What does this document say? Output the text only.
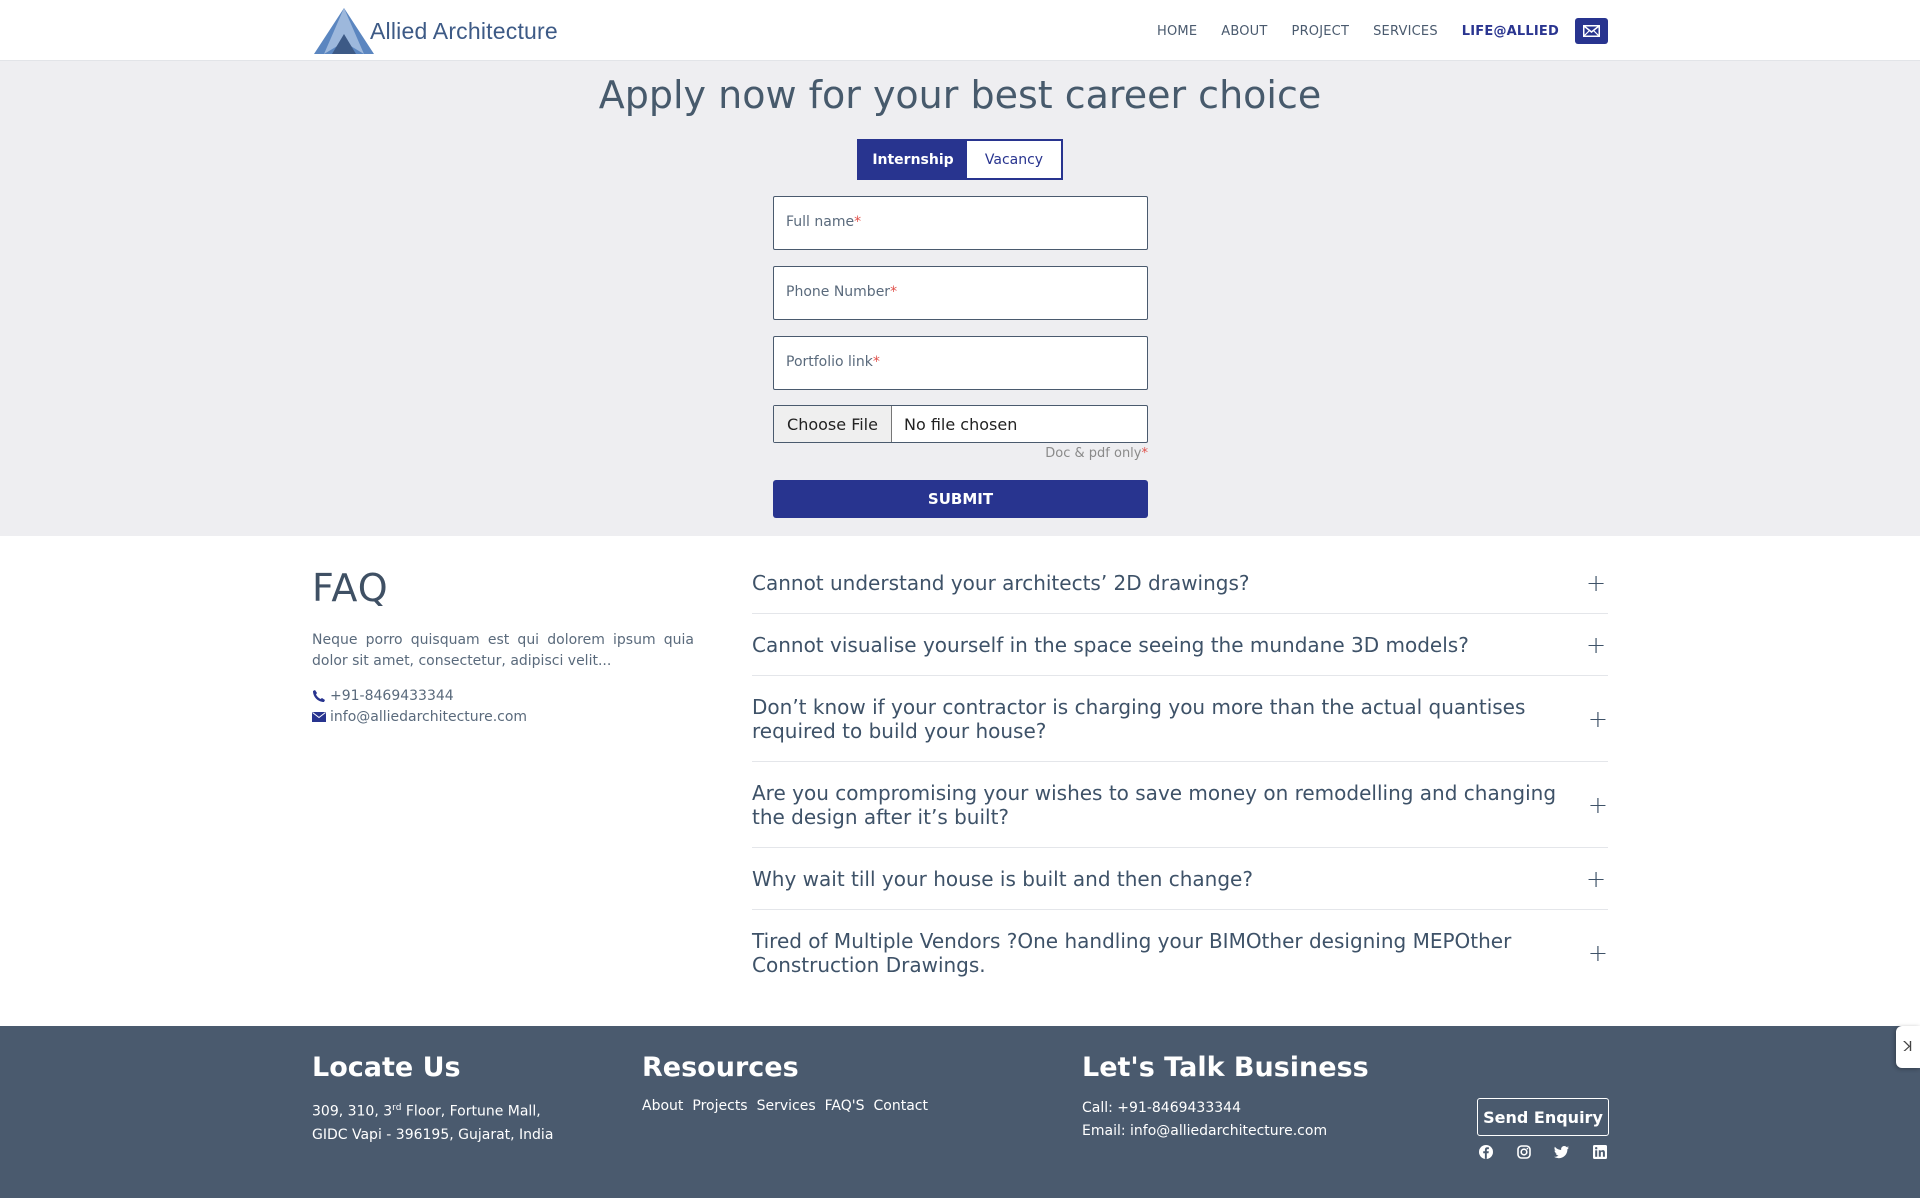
Allied Architecture	HOME ABOUT PROJECT SERVICES LIFE@ALLIED
Apply now for your best career choice
Internship	Vacancy
Full name*
Phone Number*
Portfolio link*
Choose File	No file chosen
Doc & pdf only*
SUBMIT
FAQ
Neque porro quisquam est qui dolorem ipsum quia dolor sit amet, consectetur, adipisci velit...
+91-8469433344
info@alliedarchitecture.com
Cannot understand your architects’ 2D drawings?	+
Cannot visualise yourself in the space seeing the mundane 3D models?	+
Don’t know if your contractor is charging you more than the actual quantises required to build your house?	+
Are you compromising your wishes to save money on remodelling and changing the design after it’s built?	+
Why wait till your house is built and then change?	+
Tired of Multiple Vendors ?One handling your BIMOther designing MEPOther Construction Drawings.	+
Locate Us
309, 310, 3rd Floor, Fortune Mall,
GIDC Vapi - 396195, Gujarat, India
Resources
About Projects Services FAQ'S Contact
Let's Talk Business
Call: +91-8469433344
Email: info@alliedarchitecture.com
Send Enquiry
ꓘ
